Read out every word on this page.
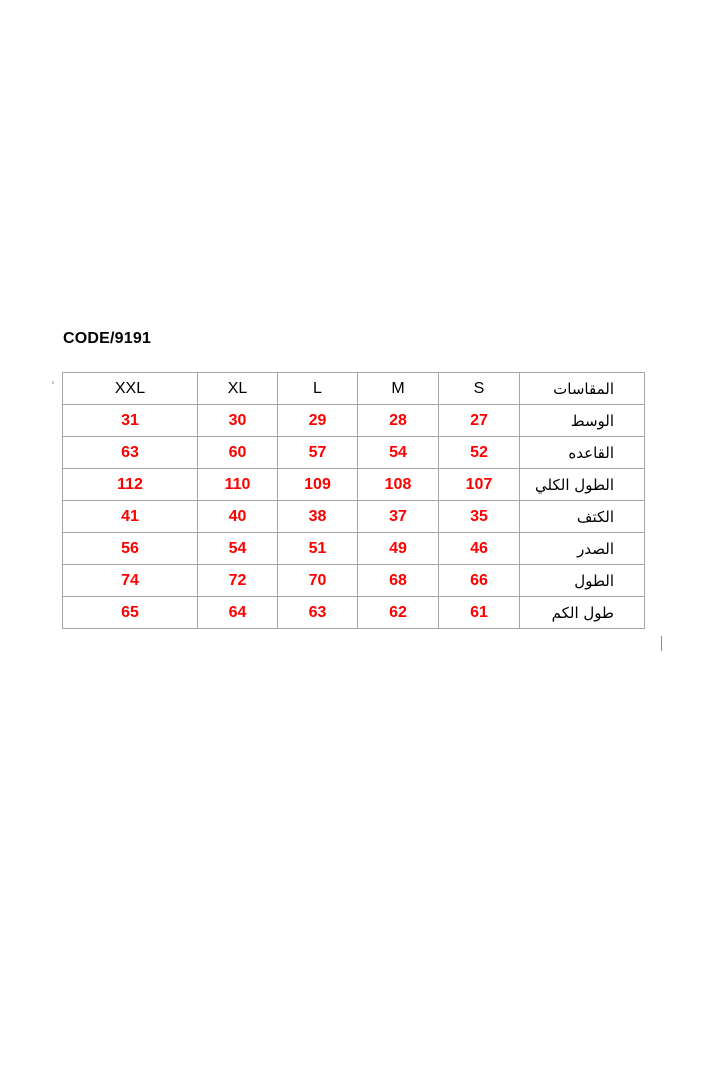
CODE/9191
XXL	XL	L	M	S	المقاسات
31	30	29	28	27	الوسط
63	60	57	54	52	القاعده
112	110	109	108	107	الطول الكلي
41	40	38	37	35	الكتف
56	54	51	49	46	الصدر
74	72	70	68	66	الطول
65	64	63	62	61	طول الكم
